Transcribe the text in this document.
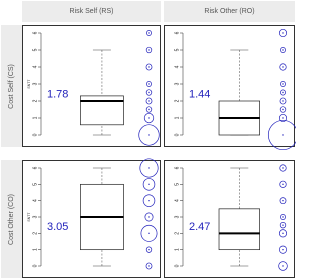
Risk Self (RS)	Risk Other (RO)
Cost Self (CS)
Cost Other (CO)
0
1
2
3
4
5
6
SNTT
1.78
0
1
2
3
4
5
6
1.44
0
1
2
3
4
5
6
SNTT
3.05
0
1
2
3
4
5
6
2.47
